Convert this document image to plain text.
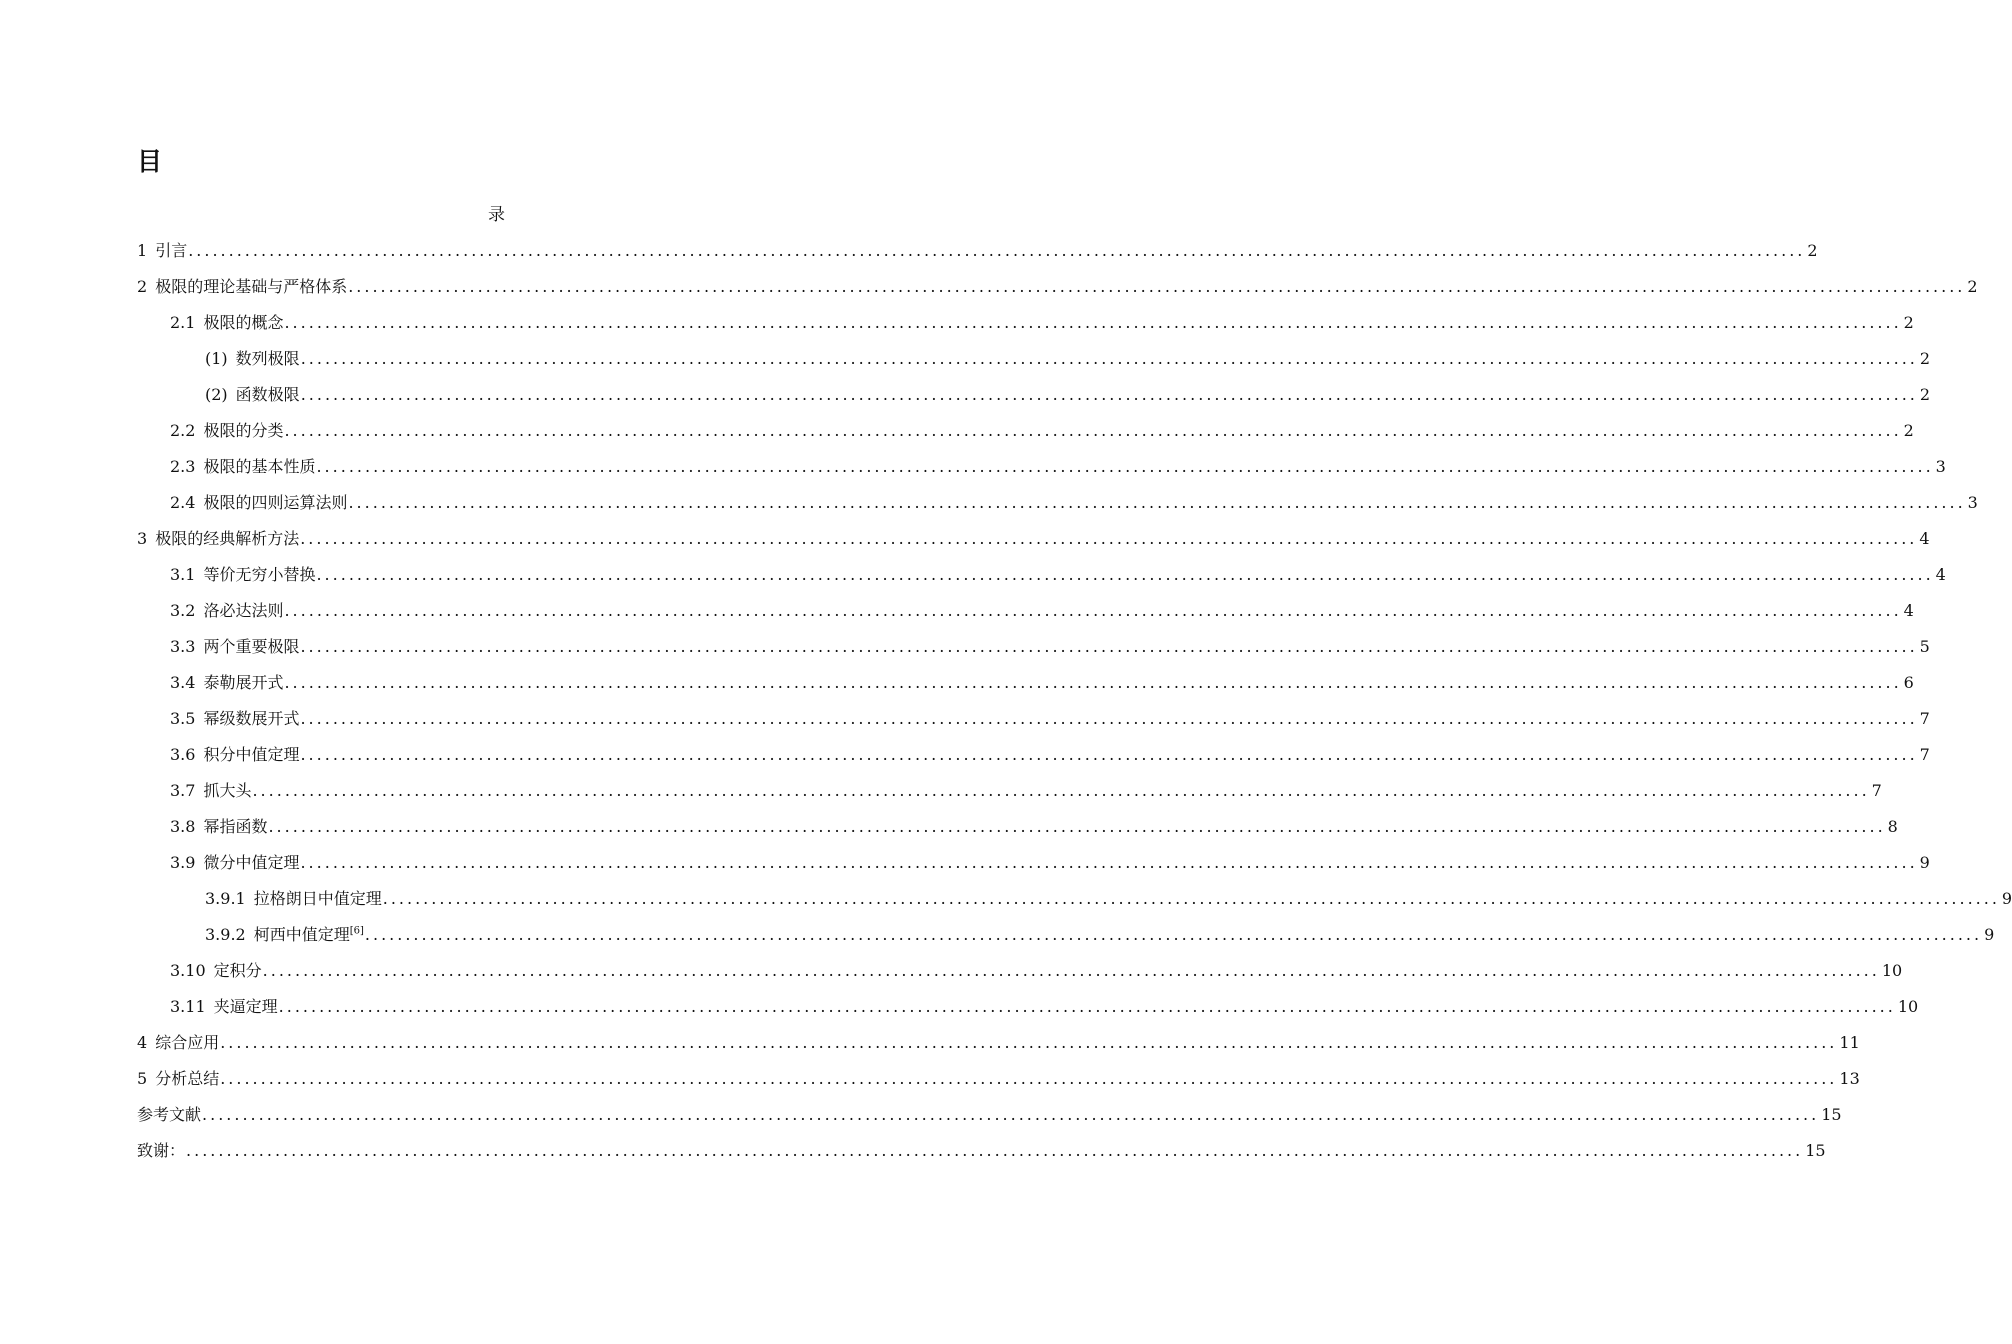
目
录
1 引言 ........................................................................................................................................................................................................ 2
2 极限的理论基础与严格体系 ........................................................................................................................................................................................................ 2
2.1 极限的概念 ........................................................................................................................................................................................................ 2
(1) 数列极限 ........................................................................................................................................................................................................ 2
(2) 函数极限 ........................................................................................................................................................................................................ 2
2.2 极限的分类 ........................................................................................................................................................................................................ 2
2.3 极限的基本性质 ........................................................................................................................................................................................................ 3
2.4 极限的四则运算法则 ........................................................................................................................................................................................................ 3
3 极限的经典解析方法 ........................................................................................................................................................................................................ 4
3.1 等价无穷小替换 ........................................................................................................................................................................................................ 4
3.2 洛必达法则 ........................................................................................................................................................................................................ 4
3.3 两个重要极限 ........................................................................................................................................................................................................ 5
3.4 泰勒展开式 ........................................................................................................................................................................................................ 6
3.5 幂级数展开式 ........................................................................................................................................................................................................ 7
3.6 积分中值定理 ........................................................................................................................................................................................................ 7
3.7 抓大头 ........................................................................................................................................................................................................ 7
3.8 幂指函数 ........................................................................................................................................................................................................ 8
3.9 微分中值定理 ........................................................................................................................................................................................................ 9
3.9.1 拉格朗日中值定理 ........................................................................................................................................................................................................ 9
3.9.2 柯西中值定理[6] ........................................................................................................................................................................................................ 9
3.10 定积分 ........................................................................................................................................................................................................ 10
3.11 夹逼定理 ........................................................................................................................................................................................................ 10
4 综合应用 ........................................................................................................................................................................................................ 11
5 分析总结 ........................................................................................................................................................................................................ 13
参考文献 ........................................................................................................................................................................................................ 15
致谢： ........................................................................................................................................................................................................ 15
